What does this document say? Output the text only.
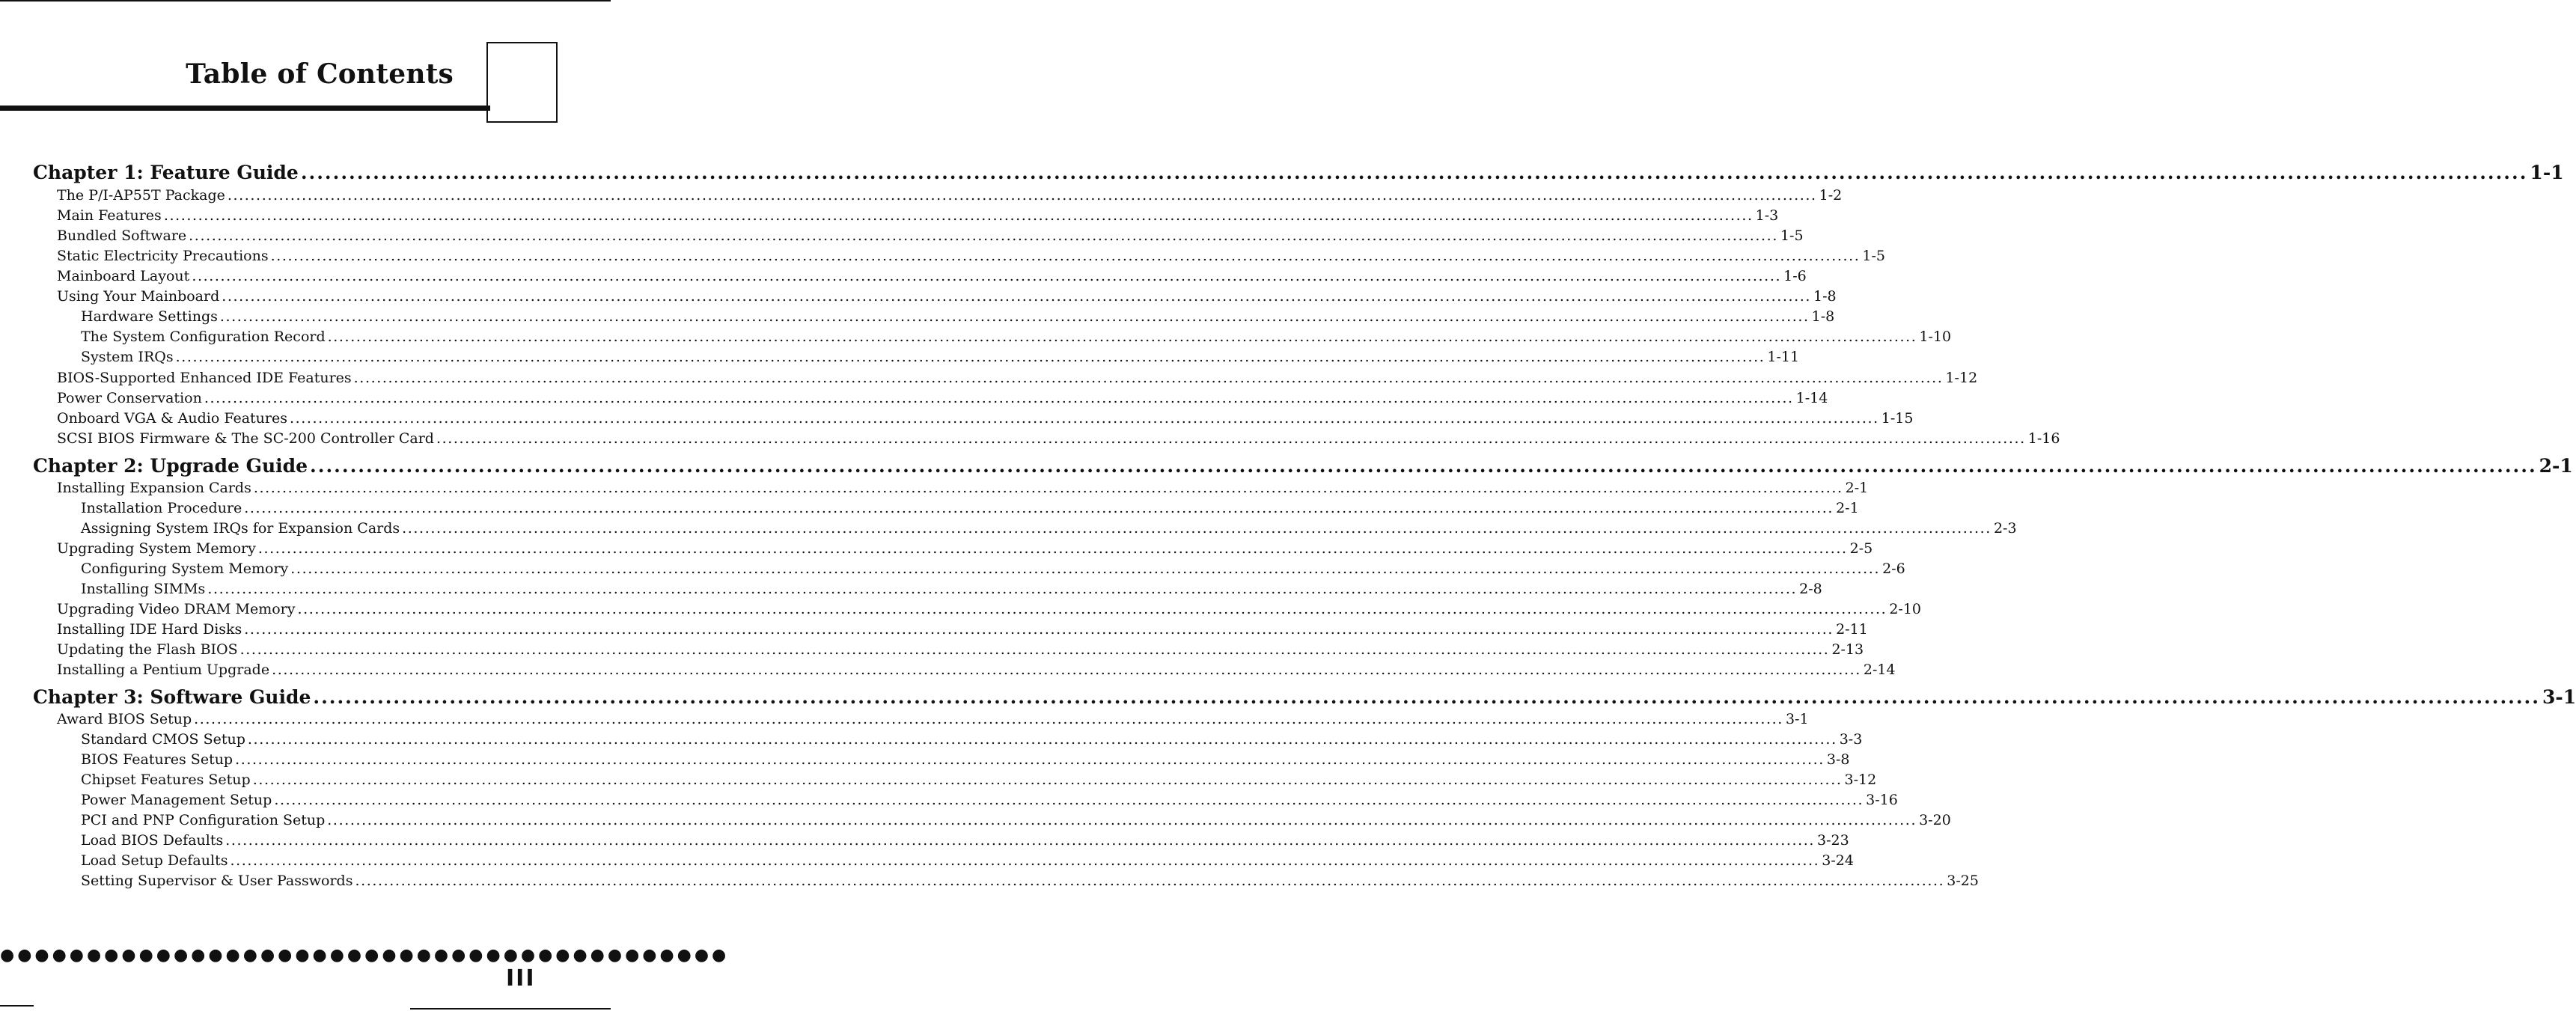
Table of Contents
Chapter 1: Feature Guide .....	1-1
The P/I-AP55T Package .....	1-2
Main Features .....	1-3
Bundled Software .....	1-5
Static Electricity Precautions .....	1-5
Mainboard Layout .....	1-6
Using Your Mainboard .....	1-8
Hardware Settings .....	1-8
The System Configuration Record .....	1-10
System IRQs .....	1-11
BIOS-Supported Enhanced IDE Features .....	1-12
Power Conservation .....	1-14
Onboard VGA & Audio Features .....	1-15
SCSI BIOS Firmware & The SC-200 Controller Card .....	1-16
Chapter 2: Upgrade Guide .....	2-1
Installing Expansion Cards .....	2-1
Installation Procedure .....	2-1
Assigning System IRQs for Expansion Cards .....	2-3
Upgrading System Memory .....	2-5
Configuring System Memory .....	2-6
Installing SIMMs .....	2-8
Upgrading Video DRAM Memory .....	2-10
Installing IDE Hard Disks .....	2-11
Updating the Flash BIOS .....	2-13
Installing a Pentium Upgrade .....	2-14
Chapter 3: Software Guide .....	3-1
Award BIOS Setup .....	3-1
Standard CMOS Setup .....	3-3
BIOS Features Setup .....	3-8
Chipset Features Setup .....	3-12
Power Management Setup .....	3-16
PCI and PNP Configuration Setup .....	3-20
Load BIOS Defaults .....	3-23
Load Setup Defaults .....	3-24
Setting Supervisor & User Passwords .....	3-25
●●●●●●●●●●●●●●●●●●●●●●●●●●●●●●●●●●●●●●●●●●
III
